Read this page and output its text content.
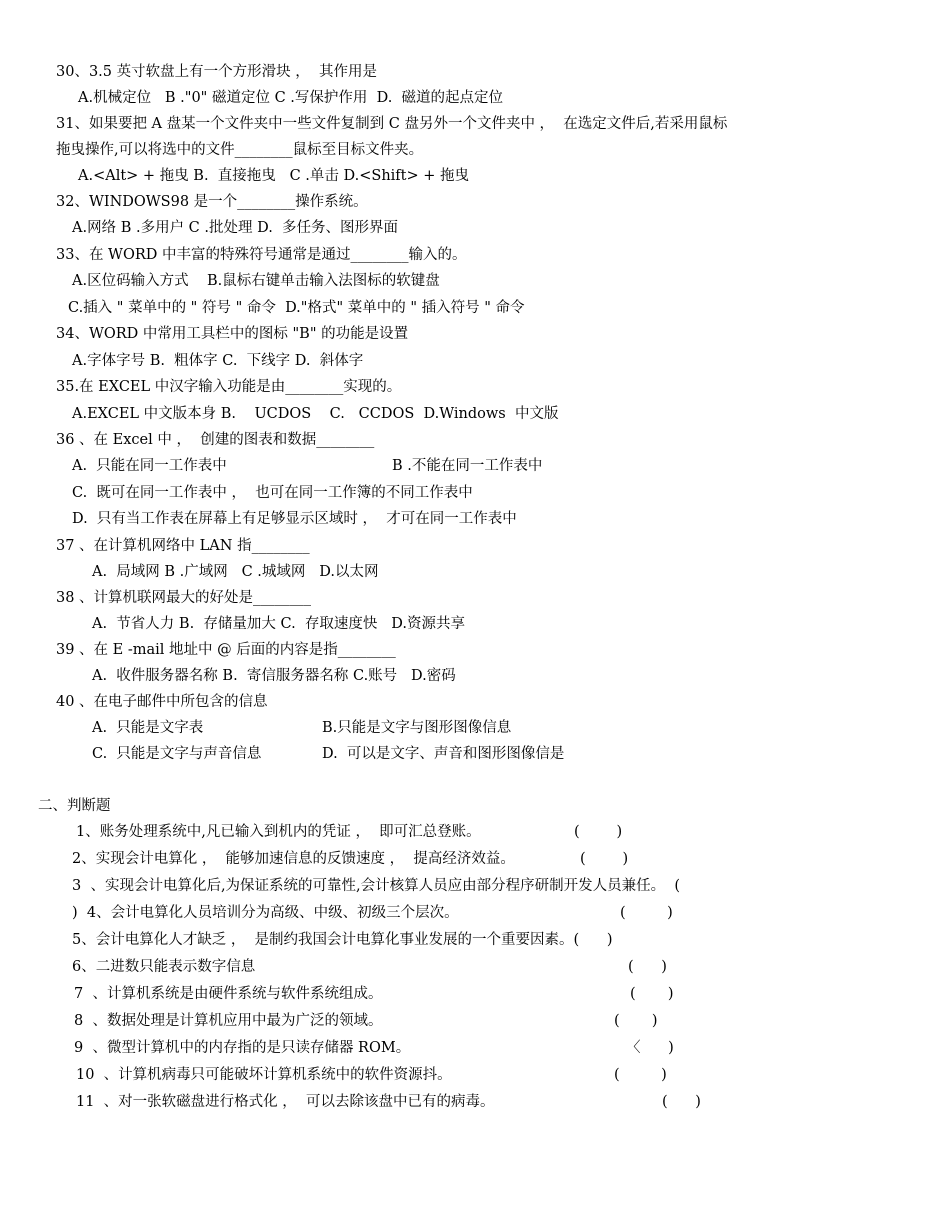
30、3.5 英寸软盘上有一个方形滑块 ，  其作用是
A.机械定位   B ."0" 磁道定位 C .写保护作用  D.  磁道的起点定位
31、如果要把 A 盘某一个文件夹中一些文件复制到 C 盘另外一个文件夹中 ，  在选定文件后,若采用鼠标
拖曳操作,可以将选中的文件________鼠标至目标文件夹。
A.<Alt> + 拖曳 B.  直接拖曳   C .单击 D.<Shift> + 拖曳
32、WINDOWS98 是一个________操作系统。
A.网络 B .多用户 C .批处理 D.  多任务、图形界面
33、在 WORD 中丰富的特殊符号通常是通过________输入的。
A.区位码输入方式    B.鼠标右键单击输入法图标的软键盘
C.插入 " 菜单中的 " 符号 " 命令  D."格式" 菜单中的 " 插入符号 " 命令
34、WORD 中常用工具栏中的图标 "B" 的功能是设置
A.字体字号 B.  粗体字 C.  下线字 D.  斜体字
35.在 EXCEL 中汉字输入功能是由________实现的。
A.EXCEL 中文版本身 B.    UCDOS    C.   CCDOS  D.Windows  中文版
36 、在 Excel 中 ，  创建的图表和数据________
A.  只能在同一工作表中	B .不能在同一工作表中
C.  既可在同一工作表中 ，  也可在同一工作簿的不同工作表中
D.  只有当工作表在屏幕上有足够显示区域时 ，  才可在同一工作表中
37 、在计算机网络中 LAN 指________
A.  局域网 B .广域网   C .城域网   D.以太网
38 、计算机联网最大的好处是________
A.  节省人力 B.  存储量加大 C.  存取速度快   D.资源共享
39 、在 E -mail 地址中 @ 后面的内容是指________
A.  收件服务器名称 B.  寄信服务器名称 C.账号   D.密码
40 、在电子邮件中所包含的信息
A.  只能是文字表	B.只能是文字与图形图像信息
C.  只能是文字与声音信息	D.  可以是文字、声音和图形图像信是
二、判断题
1、账务处理系统中,凡已输入到机内的凭证 ，  即可汇总登账。	(        )
2、实现会计电算化 ，  能够加速信息的反馈速度 ，  提高经济效益。	(        )
3  、实现会计电算化后,为保证系统的可靠性,会计核算人员应由部分程序研制开发人员兼任。  (
)  4、会计电算化人员培训分为高级、中级、初级三个层次。	(         )
5、会计电算化人才缺乏 ，  是制约我国会计电算化事业发展的一个重要因素。(      )
6、二进数只能表示数字信息	(      )
7  、计算机系统是由硬件系统与软件系统组成。	(       )
8  、数据处理是计算机应用中最为广泛的领域。	(       )
9  、微型计算机中的内存指的是只读存储器 ROM。	〈      )
10  、计算机病毒只可能破坏计算机系统中的软件资源抖。	(         )
11  、对一张软磁盘进行格式化 ，  可以去除该盘中已有的病毒。	(      )
